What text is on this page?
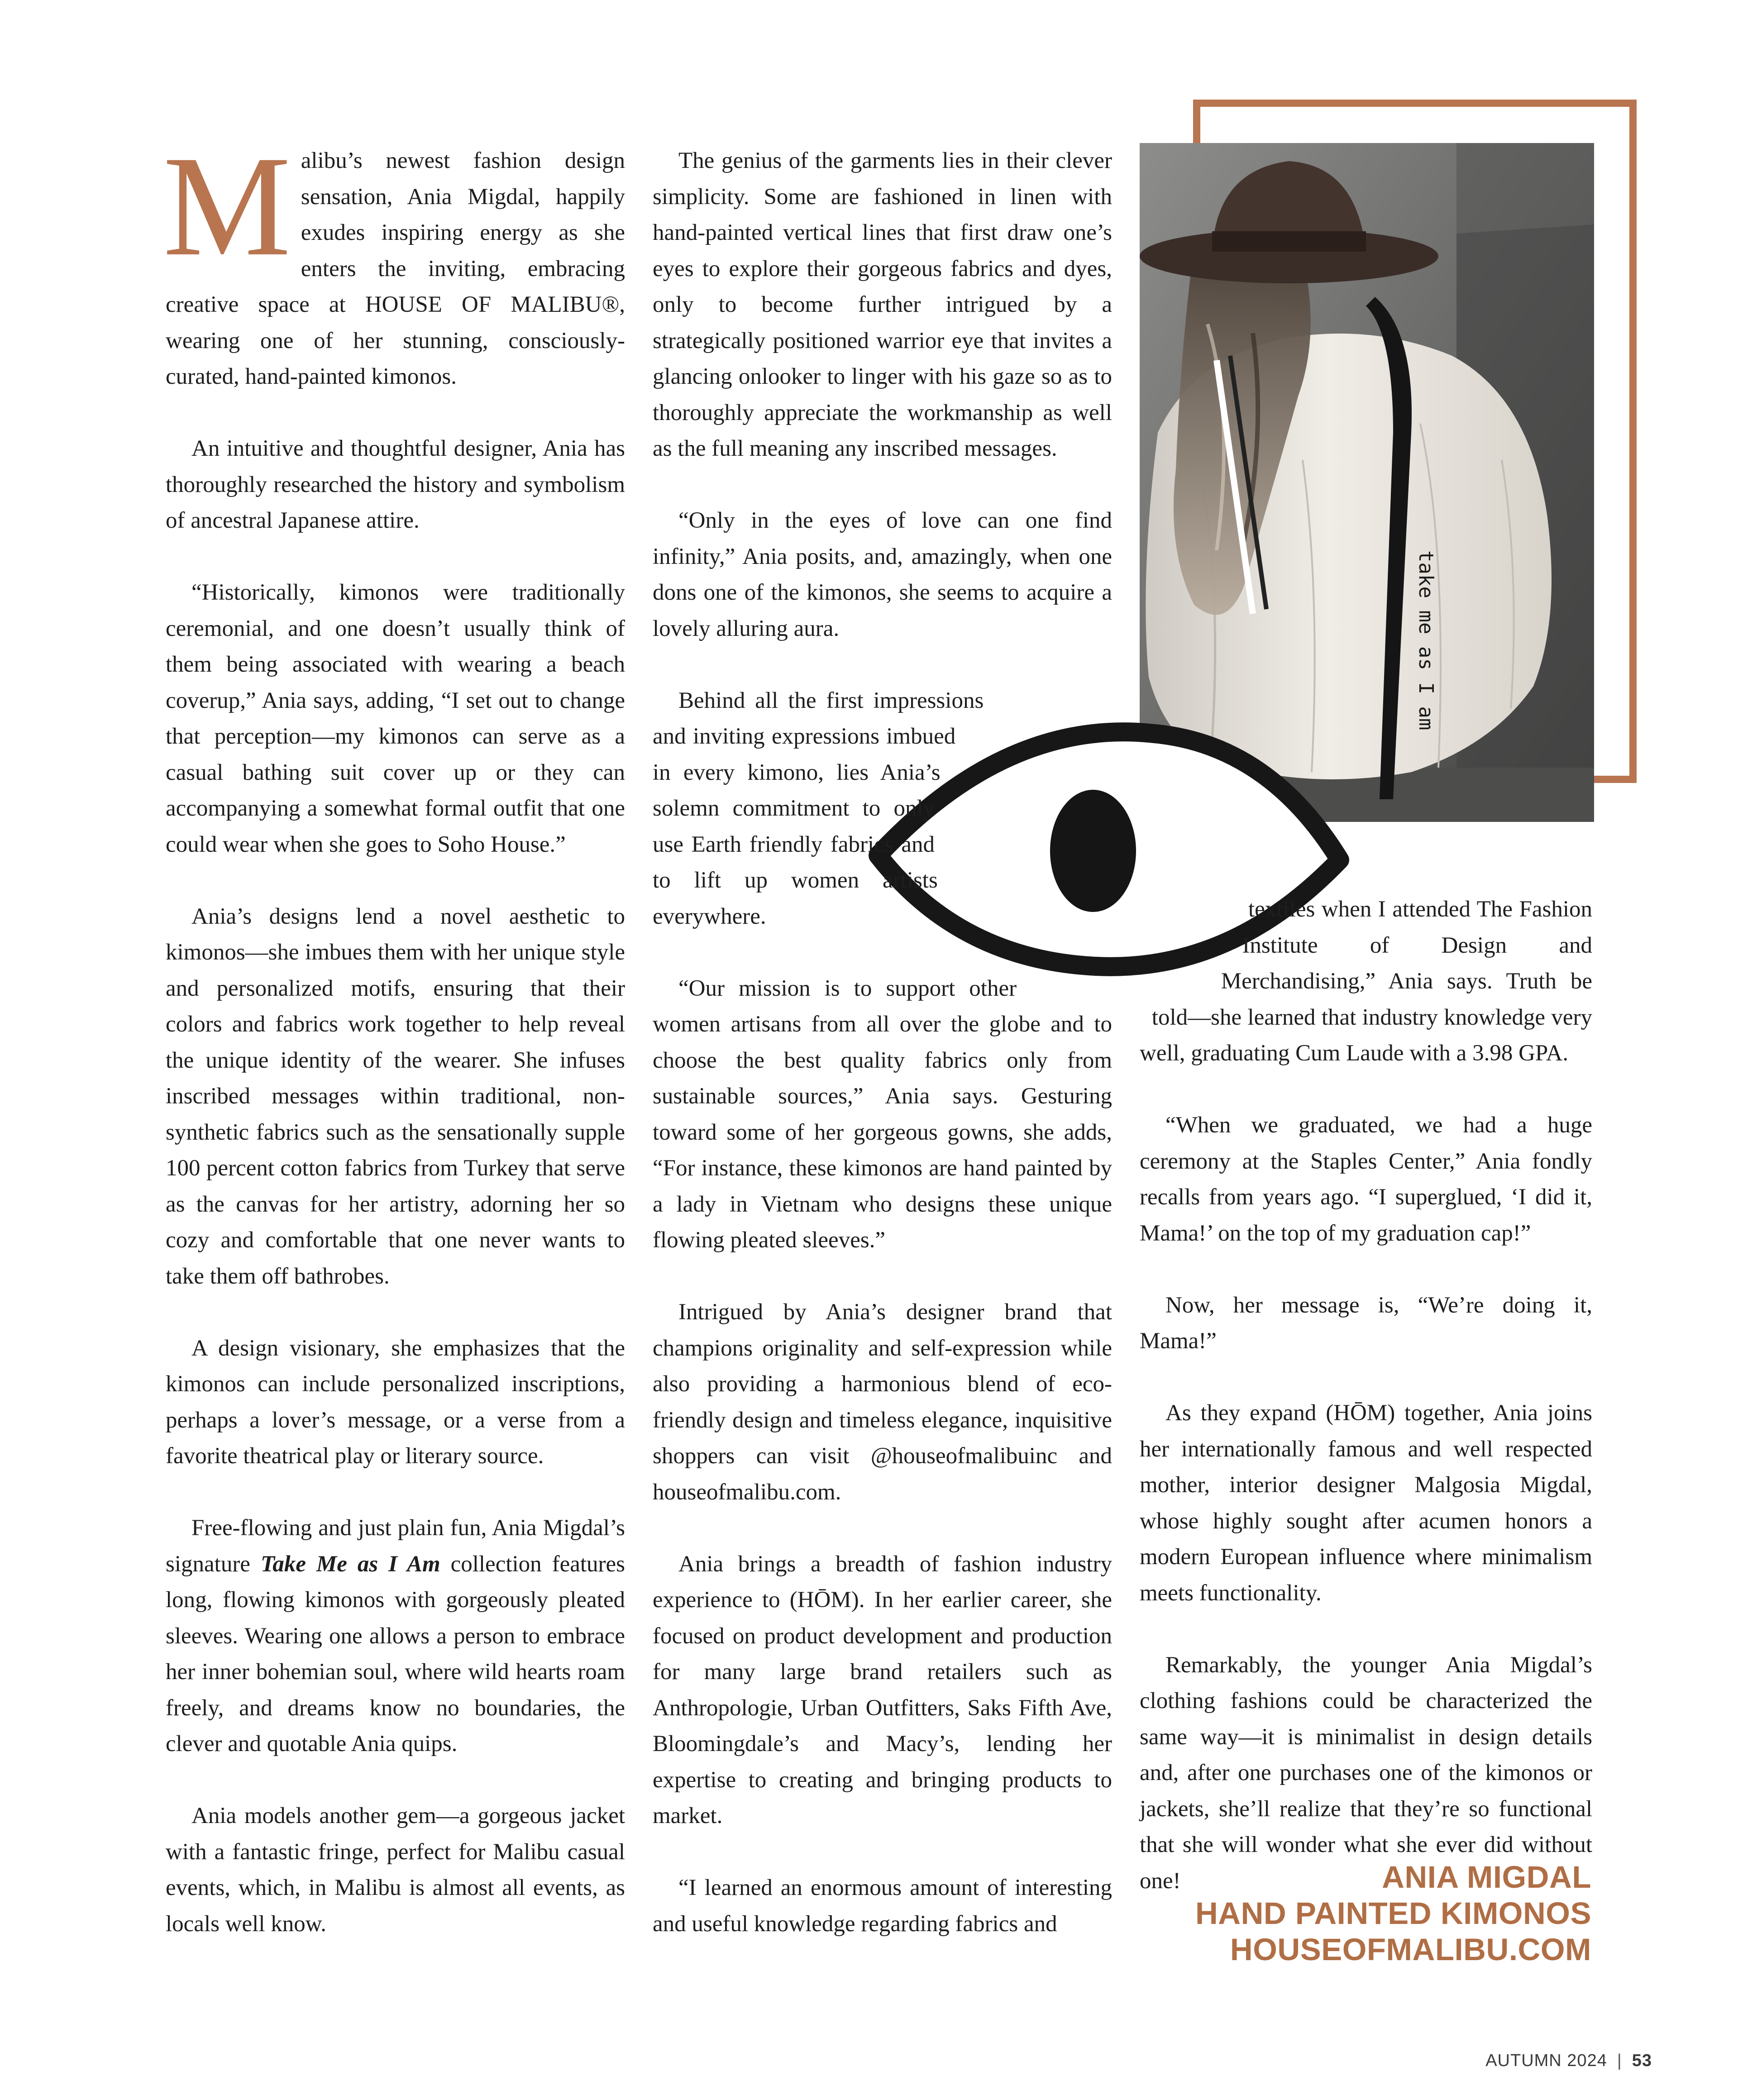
take me as I am

Malibu’s newest fashion design sensation, Ania Migdal, happily exudes inspiring energy as she enters the inviting, embracing creative space at HOUSE OF MALIBU®, wearing one of her stunning, consciously-curated, hand-painted kimonos.

An intuitive and thoughtful designer, Ania has thoroughly researched the history and symbolism of ancestral Japanese attire.

“Historically, kimonos were traditionally ceremonial, and one doesn’t usually think of them being associated with wearing a beach coverup,” Ania says, adding, “I set out to change that perception—my kimonos can serve as a casual bathing suit cover up or they can accompanying a somewhat formal outfit that one could wear when she goes to Soho House.”

Ania’s designs lend a novel aesthetic to kimonos—she imbues them with her unique style and personalized motifs, ensuring that their colors and fabrics work together to help reveal the unique identity of the wearer. She infuses inscribed messages within traditional, non-synthetic fabrics such as the sensationally supple 100 percent cotton fabrics from Turkey that serve as the canvas for her artistry, adorning her so cozy and comfortable that one never wants to take them off bathrobes.

A design visionary, she emphasizes that the kimonos can include personalized inscriptions, perhaps a lover’s message, or a verse from a favorite theatrical play or literary source.

Free-flowing and just plain fun, Ania Migdal’s signature Take Me as I Am collection features long, flowing kimonos with gorgeously pleated sleeves. Wearing one allows a person to embrace her inner bohemian soul, where wild hearts roam freely, and dreams know no boundaries, the clever and quotable Ania quips.

Ania models another gem—a gorgeous jacket with a fantastic fringe, perfect for Malibu casual events, which, in Malibu is almost all events, as locals well know.

The genius of the garments lies in their clever simplicity. Some are fashioned in linen with hand-painted vertical lines that first draw one’s eyes to explore their gorgeous fabrics and dyes, only to become further intrigued by a strategically positioned warrior eye that invites a glancing onlooker to linger with his gaze so as to thoroughly appreciate the workmanship as well as the full meaning any inscribed messages.

“Only in the eyes of love can one find infinity,” Ania posits, and, amazingly, when one dons one of the kimonos, she seems to acquire a lovely alluring aura.

Behind all the first impressions and inviting expressions imbued in every kimono, lies Ania’s solemn commitment to only use Earth friendly fabrics and to lift up women artists everywhere.

“Our mission is to support other women artisans from all over the globe and to choose the best quality fabrics only from sustainable sources,” Ania says. Gesturing toward some of her gorgeous gowns, she adds, “For instance, these kimonos are hand painted by a lady in Vietnam who designs these unique flowing pleated sleeves.”

Intrigued by Ania’s designer brand that champions originality and self-expression while also providing a harmonious blend of eco-friendly design and timeless elegance, inquisitive shoppers can visit @houseofmalibuinc and houseofmalibu.com.

Ania brings a breadth of fashion industry experience to (HŌM). In her earlier career, she focused on product development and production for many large brand retailers such as Anthropologie, Urban Outfitters, Saks Fifth Ave, Bloomingdale’s and Macy’s, lending her expertise to creating and bringing products to market.

“I learned an enormous amount of interesting and useful knowledge regarding fabrics and

textiles when I attended The Fashion Institute of Design and Merchandising,” Ania says. Truth be told—she learned that industry knowledge very well, graduating Cum Laude with a 3.98 GPA.

“When we graduated, we had a huge ceremony at the Staples Center,” Ania fondly recalls from years ago. “I superglued, ‘I did it, Mama!’ on the top of my graduation cap!”

Now, her message is, “We’re doing it, Mama!”

As they expand (HŌM) together, Ania joins her internationally famous and well respected mother, interior designer Malgosia Migdal, whose highly sought after acumen honors a modern European influence where minimalism meets functionality.

Remarkably, the younger Ania Migdal’s clothing fashions could be characterized the same way—it is minimalist in design details and, after one purchases one of the kimonos or jackets, she’ll realize that they’re so functional that she will wonder what she ever did without one!	ANIA MIGDAL
HAND PAINTED KIMONOS
HOUSEOFMALIBU.COM
AUTUMN 2024 | 53
